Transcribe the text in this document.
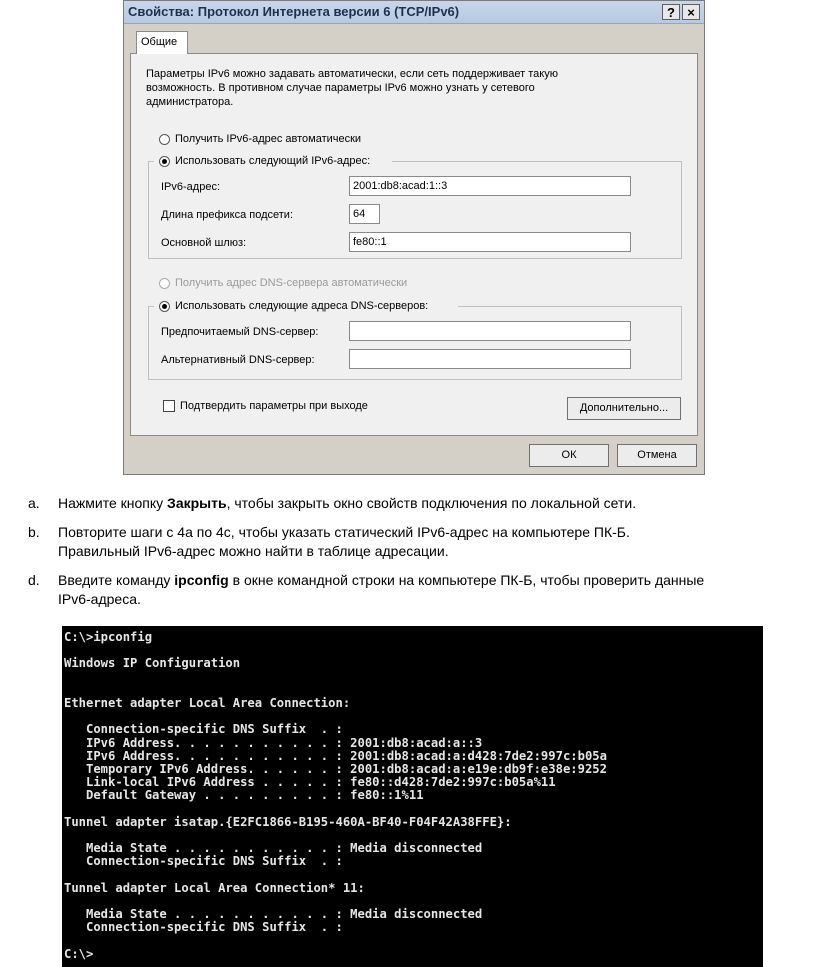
Свойства: Протокол Интернета версии 6 (TCP/IPv6)	? ×
Общие
Параметры IPv6 можно задавать автоматически, если сеть поддерживает такую возможность. В противном случае параметры IPv6 можно узнать у сетевого администратора.
Получить IPv6-адрес автоматически
Использовать следующий IPv6-адрес:
IPv6-адрес:	2001:db8:acad:1::3
Длина префикса подсети:	64
Основной шлюз:	fe80::1
Получить адрес DNS-сервера автоматически
Использовать следующие адреса DNS-серверов:
Предпочитаемый DNS-сервер:
Альтернативный DNS-сервер:
Подтвердить параметры при выходе	Дополнительно...
ОК	Отмена
a. Нажмите кнопку Закрыть, чтобы закрыть окно свойств подключения по локальной сети.
b. Повторите шаги с 4а по 4c, чтобы указать статический IPv6-адрес на компьютере ПК-Б.
Правильный IPv6-адрес можно найти в таблице адресации.
d. Введите команду ipconfig в окне командной строки на компьютере ПК-Б, чтобы проверить данные
IPv6-адреса.
C:\>ipconfig
Windows IP Configuration
Ethernet adapter Local Area Connection:
Connection-specific DNS Suffix  . :
IPv6 Address. . . . . . . . . . . : 2001:db8:acad:a::3
IPv6 Address. . . . . . . . . . . : 2001:db8:acad:a:d428:7de2:997c:b05a
Temporary IPv6 Address. . . . . . : 2001:db8:acad:a:e19e:db9f:e38e:9252
Link-local IPv6 Address . . . . . : fe80::d428:7de2:997c:b05a%11
Default Gateway . . . . . . . . . : fe80::1%11
Tunnel adapter isatap.{E2FC1866-B195-460A-BF40-F04F42A38FFE}:
Media State . . . . . . . . . . . : Media disconnected
Connection-specific DNS Suffix  . :
Tunnel adapter Local Area Connection* 11:
Media State . . . . . . . . . . . : Media disconnected
Connection-specific DNS Suffix  . :
C:\>
